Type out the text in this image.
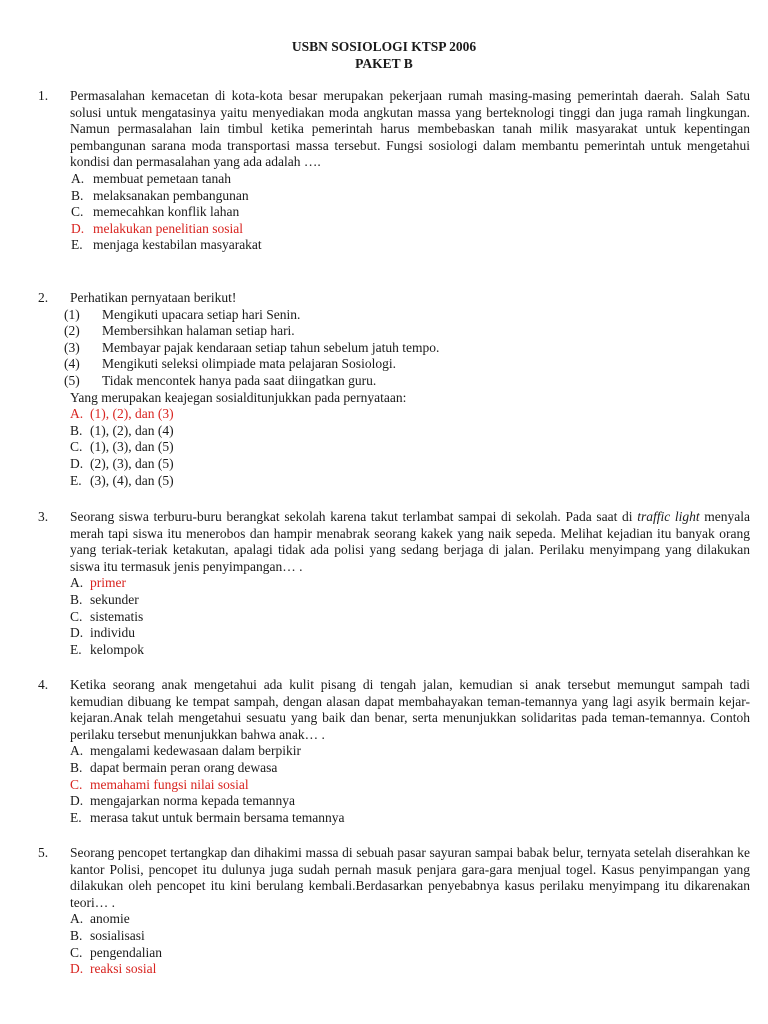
USBN SOSIOLOGI KTSP 2006
PAKET B
1.	Permasalahan kemacetan di kota-kota besar merupakan pekerjaan rumah masing-masing pemerintah daerah. Salah Satu solusi untuk mengatasinya yaitu menyediakan moda angkutan massa yang berteknologi tinggi dan juga ramah lingkungan. Namun permasalahan lain timbul ketika pemerintah harus membebaskan tanah milik masyarakat untuk kepentingan pembangunan sarana moda transportasi massa tersebut. Fungsi sosiologi dalam membantu pemerintah untuk mengetahui kondisi dan permasalahan yang ada adalah ….
A. membuat pemetaan tanah
B. melaksanakan pembangunan
C. memecahkan konflik lahan
D. melakukan penelitian sosial
E. menjaga kestabilan masyarakat
2.	Perhatikan pernyataan berikut!
(1)	Mengikuti upacara setiap hari Senin.
(2)	Membersihkan halaman setiap hari.
(3)	Membayar pajak kendaraan setiap tahun sebelum jatuh tempo.
(4)	Mengikuti seleksi olimpiade mata pelajaran Sosiologi.
(5)	Tidak mencontek hanya pada saat diingatkan guru.
Yang merupakan keajegan sosialditunjukkan pada pernyataan:
A. (1), (2), dan (3)
B. (1), (2), dan (4)
C. (1), (3), dan (5)
D. (2), (3), dan (5)
E. (3), (4), dan (5)
3.	Seorang siswa terburu-buru berangkat sekolah karena takut terlambat sampai di sekolah. Pada saat di traffic light menyala merah tapi siswa itu menerobos dan hampir menabrak seorang kakek yang naik sepeda. Melihat kejadian itu banyak orang yang teriak-teriak ketakutan, apalagi tidak ada polisi yang sedang berjaga di jalan. Perilaku menyimpang yang dilakukan siswa itu termasuk jenis penyimpangan… .
A. primer
B. sekunder
C. sistematis
D. individu
E. kelompok
4.	Ketika seorang anak mengetahui ada kulit pisang di tengah jalan, kemudian si anak tersebut memungut sampah tadi kemudian dibuang ke tempat sampah, dengan alasan dapat membahayakan teman-temannya yang lagi asyik bermain kejar-kejaran.Anak telah mengetahui sesuatu yang baik dan benar, serta menunjukkan solidaritas pada teman-temannya. Contoh perilaku tersebut menunjukkan bahwa anak… .
A. mengalami kedewasaan dalam berpikir
B. dapat bermain peran orang dewasa
C. memahami fungsi nilai sosial
D. mengajarkan norma kepada temannya
E. merasa takut untuk bermain bersama temannya
5.	Seorang pencopet tertangkap dan dihakimi massa di sebuah pasar sayuran sampai babak belur, ternyata setelah diserahkan ke kantor Polisi, pencopet itu dulunya juga sudah pernah masuk penjara gara-gara menjual togel. Kasus penyimpangan yang dilakukan oleh pencopet itu kini berulang kembali.Berdasarkan penyebabnya kasus perilaku menyimpang itu dikarenakan teori… .
A. anomie
B. sosialisasi
C. pengendalian
D. reaksi sosial
